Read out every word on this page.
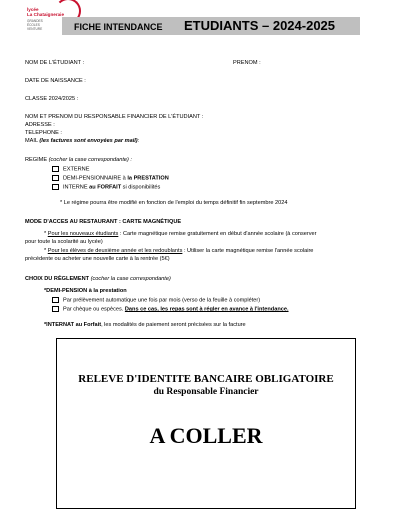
lycée
La Chataigneraie
GRANDES
ÉCOLES
VENTURE	FICHE INTENDANCE ETUDIANTS – 2024-2025
NOM DE L'ÉTUDIANT :	PRENOM :
DATE DE NAISSANCE :
CLASSE 2024/2025 :
NOM ET PRENOM DU RESPONSABLE FINANCIER DE L'ÉTUDIANT :
ADRESSE :
TELEPHONE :
MAIL (les factures sont envoyées par mail):
REGIME (cocher la case correspondante) :
EXTERNE
DEMI-PENSIONNAIRE à la PRESTATION
INTERNE au FORFAIT si disponibilités
* Le régime pourra être modifié en fonction de l'emploi du temps définitif fin septembre 2024
MODE D'ACCES AU RESTAURANT : CARTE MAGNÉTIQUE
* Pour les nouveaux étudiants : Carte magnétique remise gratuitement en début d'année scolaire (à conserver
pour toute la scolarité au lycée)
* Pour les élèves de deuxième année et les redoublants : Utiliser la carte magnétique remise l'année scolaire
précédente ou acheter une nouvelle carte à la rentrée (5€)
CHOIX DU RÈGLEMENT (cocher la case correspondante)
*DEMI-PENSION à la prestation
Par prélèvement automatique une fois par mois (verso de la feuille à compléter)
Par chèque ou espèces. Dans ce cas, les repas sont à régler en avance à l'intendance.
*INTERNAT au Forfait, les modalités de paiement seront précisées sur la facture
RELEVE D'IDENTITE BANCAIRE OBLIGATOIRE
du Responsable Financier
A COLLER
